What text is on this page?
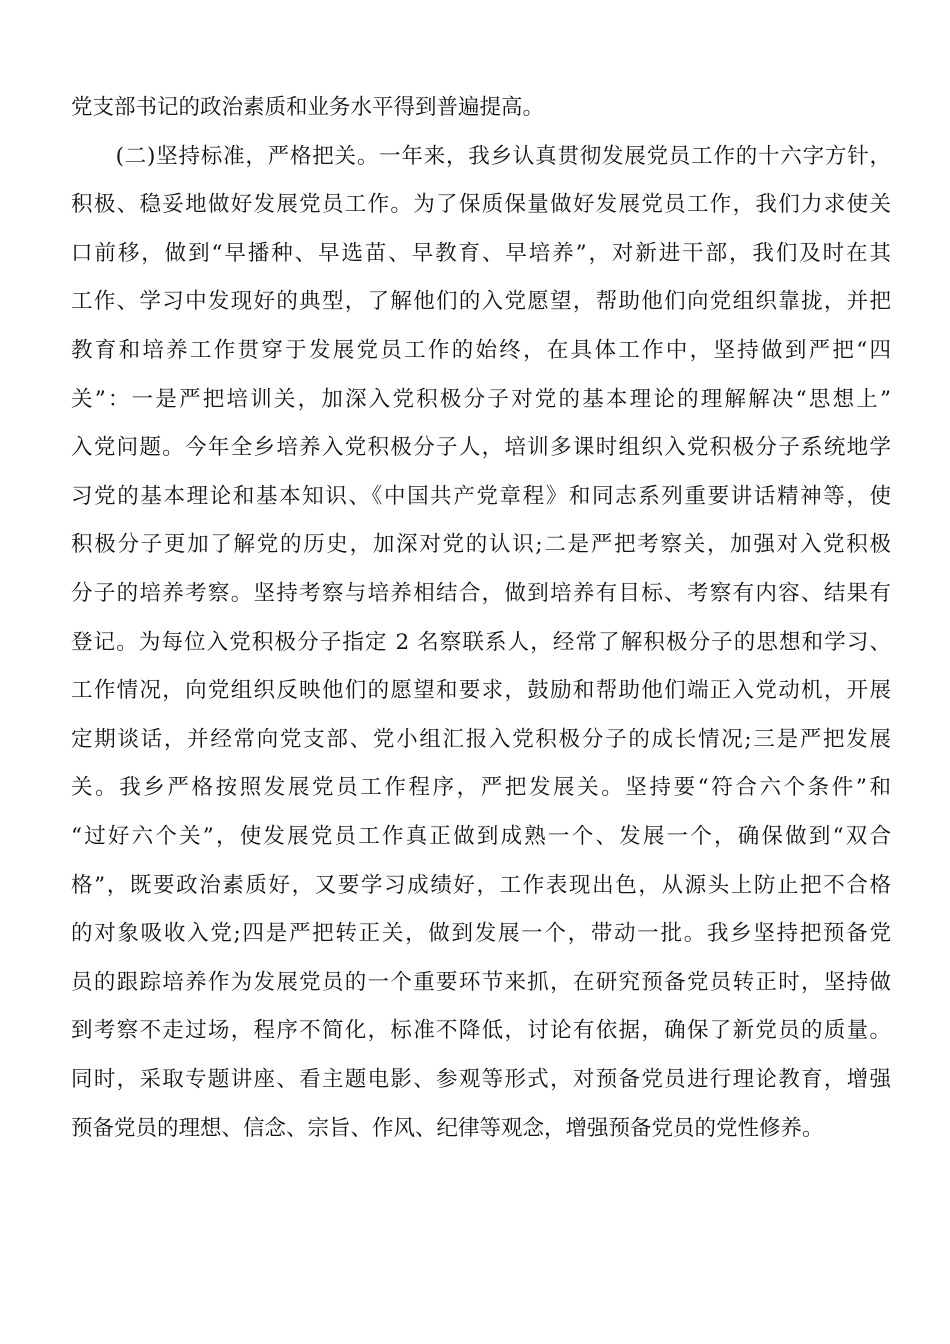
党支部书记的政治素质和业务水平得到普遍提高。
　　(二)坚持标准，严格把关。一年来，我乡认真贯彻发展党员工作的十六字方针，
积极、稳妥地做好发展党员工作。为了保质保量做好发展党员工作，我们力求使关
口前移，做到“早播种、早选苗、早教育、早培养”，对新进干部，我们及时在其
工作、学习中发现好的典型，了解他们的入党愿望，帮助他们向党组织靠拢，并把
教育和培养工作贯穿于发展党员工作的始终，在具体工作中，坚持做到严把“四
关”：一是严把培训关，加深入党积极分子对党的基本理论的理解解决“思想上”
入党问题。今年全乡培养入党积极分子人，培训多课时组织入党积极分子系统地学
习党的基本理论和基本知识、《中国共产党章程》和同志系列重要讲话精神等，使
积极分子更加了解党的历史，加深对党的认识;二是严把考察关，加强对入党积极
分子的培养考察。坚持考察与培养相结合，做到培养有目标、考察有内容、结果有
登记。为每位入党积极分子指定 2 名察联系人，经常了解积极分子的思想和学习、
工作情况，向党组织反映他们的愿望和要求，鼓励和帮助他们端正入党动机，开展
定期谈话，并经常向党支部、党小组汇报入党积极分子的成长情况;三是严把发展
关。我乡严格按照发展党员工作程序，严把发展关。坚持要“符合六个条件”和
“过好六个关”，使发展党员工作真正做到成熟一个、发展一个，确保做到“双合
格”，既要政治素质好，又要学习成绩好，工作表现出色，从源头上防止把不合格
的对象吸收入党;四是严把转正关，做到发展一个，带动一批。我乡坚持把预备党
员的跟踪培养作为发展党员的一个重要环节来抓，在研究预备党员转正时，坚持做
到考察不走过场，程序不简化，标准不降低，讨论有依据，确保了新党员的质量。
同时，采取专题讲座、看主题电影、参观等形式，对预备党员进行理论教育，增强
预备党员的理想、信念、宗旨、作风、纪律等观念，增强预备党员的党性修养。
